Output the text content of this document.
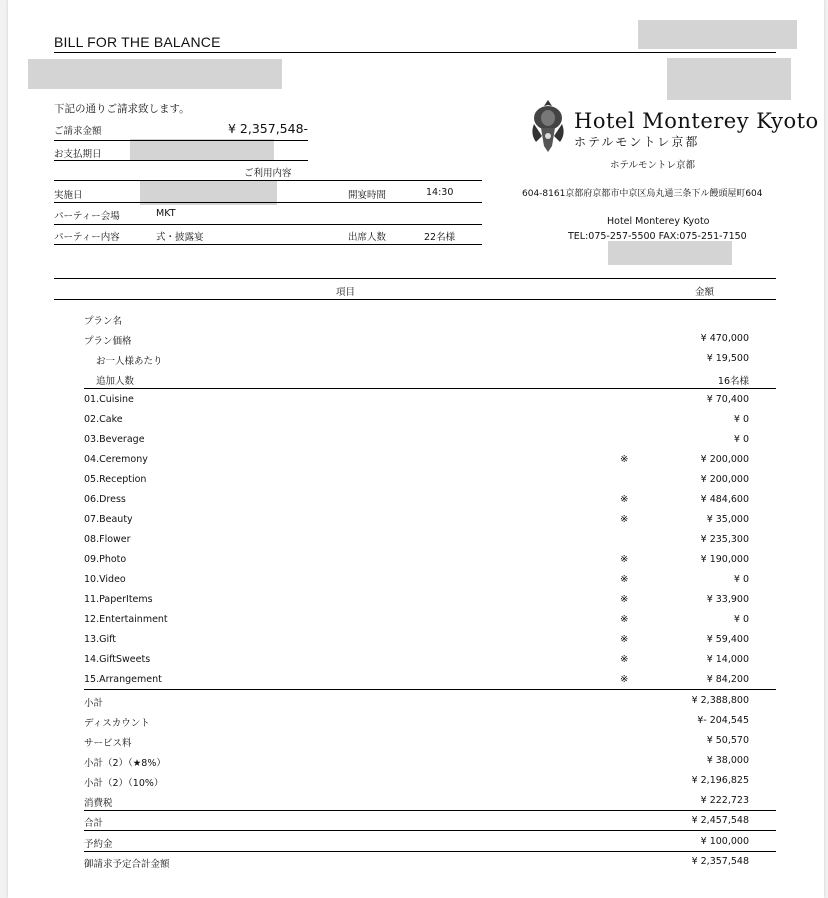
BILL FOR THE BALANCE
下記の通りご請求致します。
ご請求金額	¥ 2,357,548-
お支払期日
ご利用内容
実施日	開宴時間	14:30
パーティー会場	MKT
パーティー内容	式・披露宴	出席人数	22名様
Hotel Monterey Kyoto
ホテルモントレ京都
ホテルモントレ京都
604-8161京都府京都市中京区烏丸通三条下ル饅頭屋町604
Hotel Monterey Kyoto
TEL:075-257-5500 FAX:075-251-7150
項目	金額
プラン名
プラン価格	¥ 470,000
お一人様あたり	¥ 19,500
追加人数	16名様
01.Cuisine	¥ 70,400
02.Cake	¥ 0
03.Beverage	¥ 0
04.Ceremony	※	¥ 200,000
05.Reception	¥ 200,000
06.Dress	※	¥ 484,600
07.Beauty	※	¥ 35,000
08.Flower	¥ 235,300
09.Photo	※	¥ 190,000
10.Video	※	¥ 0
11.PaperItems	※	¥ 33,900
12.Entertainment	※	¥ 0
13.Gift	※	¥ 59,400
14.GiftSweets	※	¥ 14,000
15.Arrangement	※	¥ 84,200
小計	¥ 2,388,800
ディスカウント	¥- 204,545
サービス料	¥ 50,570
小計（2）（★8%）	¥ 38,000
小計（2）（10%）	¥ 2,196,825
消費税	¥ 222,723
合計	¥ 2,457,548
予約金	¥ 100,000
御請求予定合計金額	¥ 2,357,548
